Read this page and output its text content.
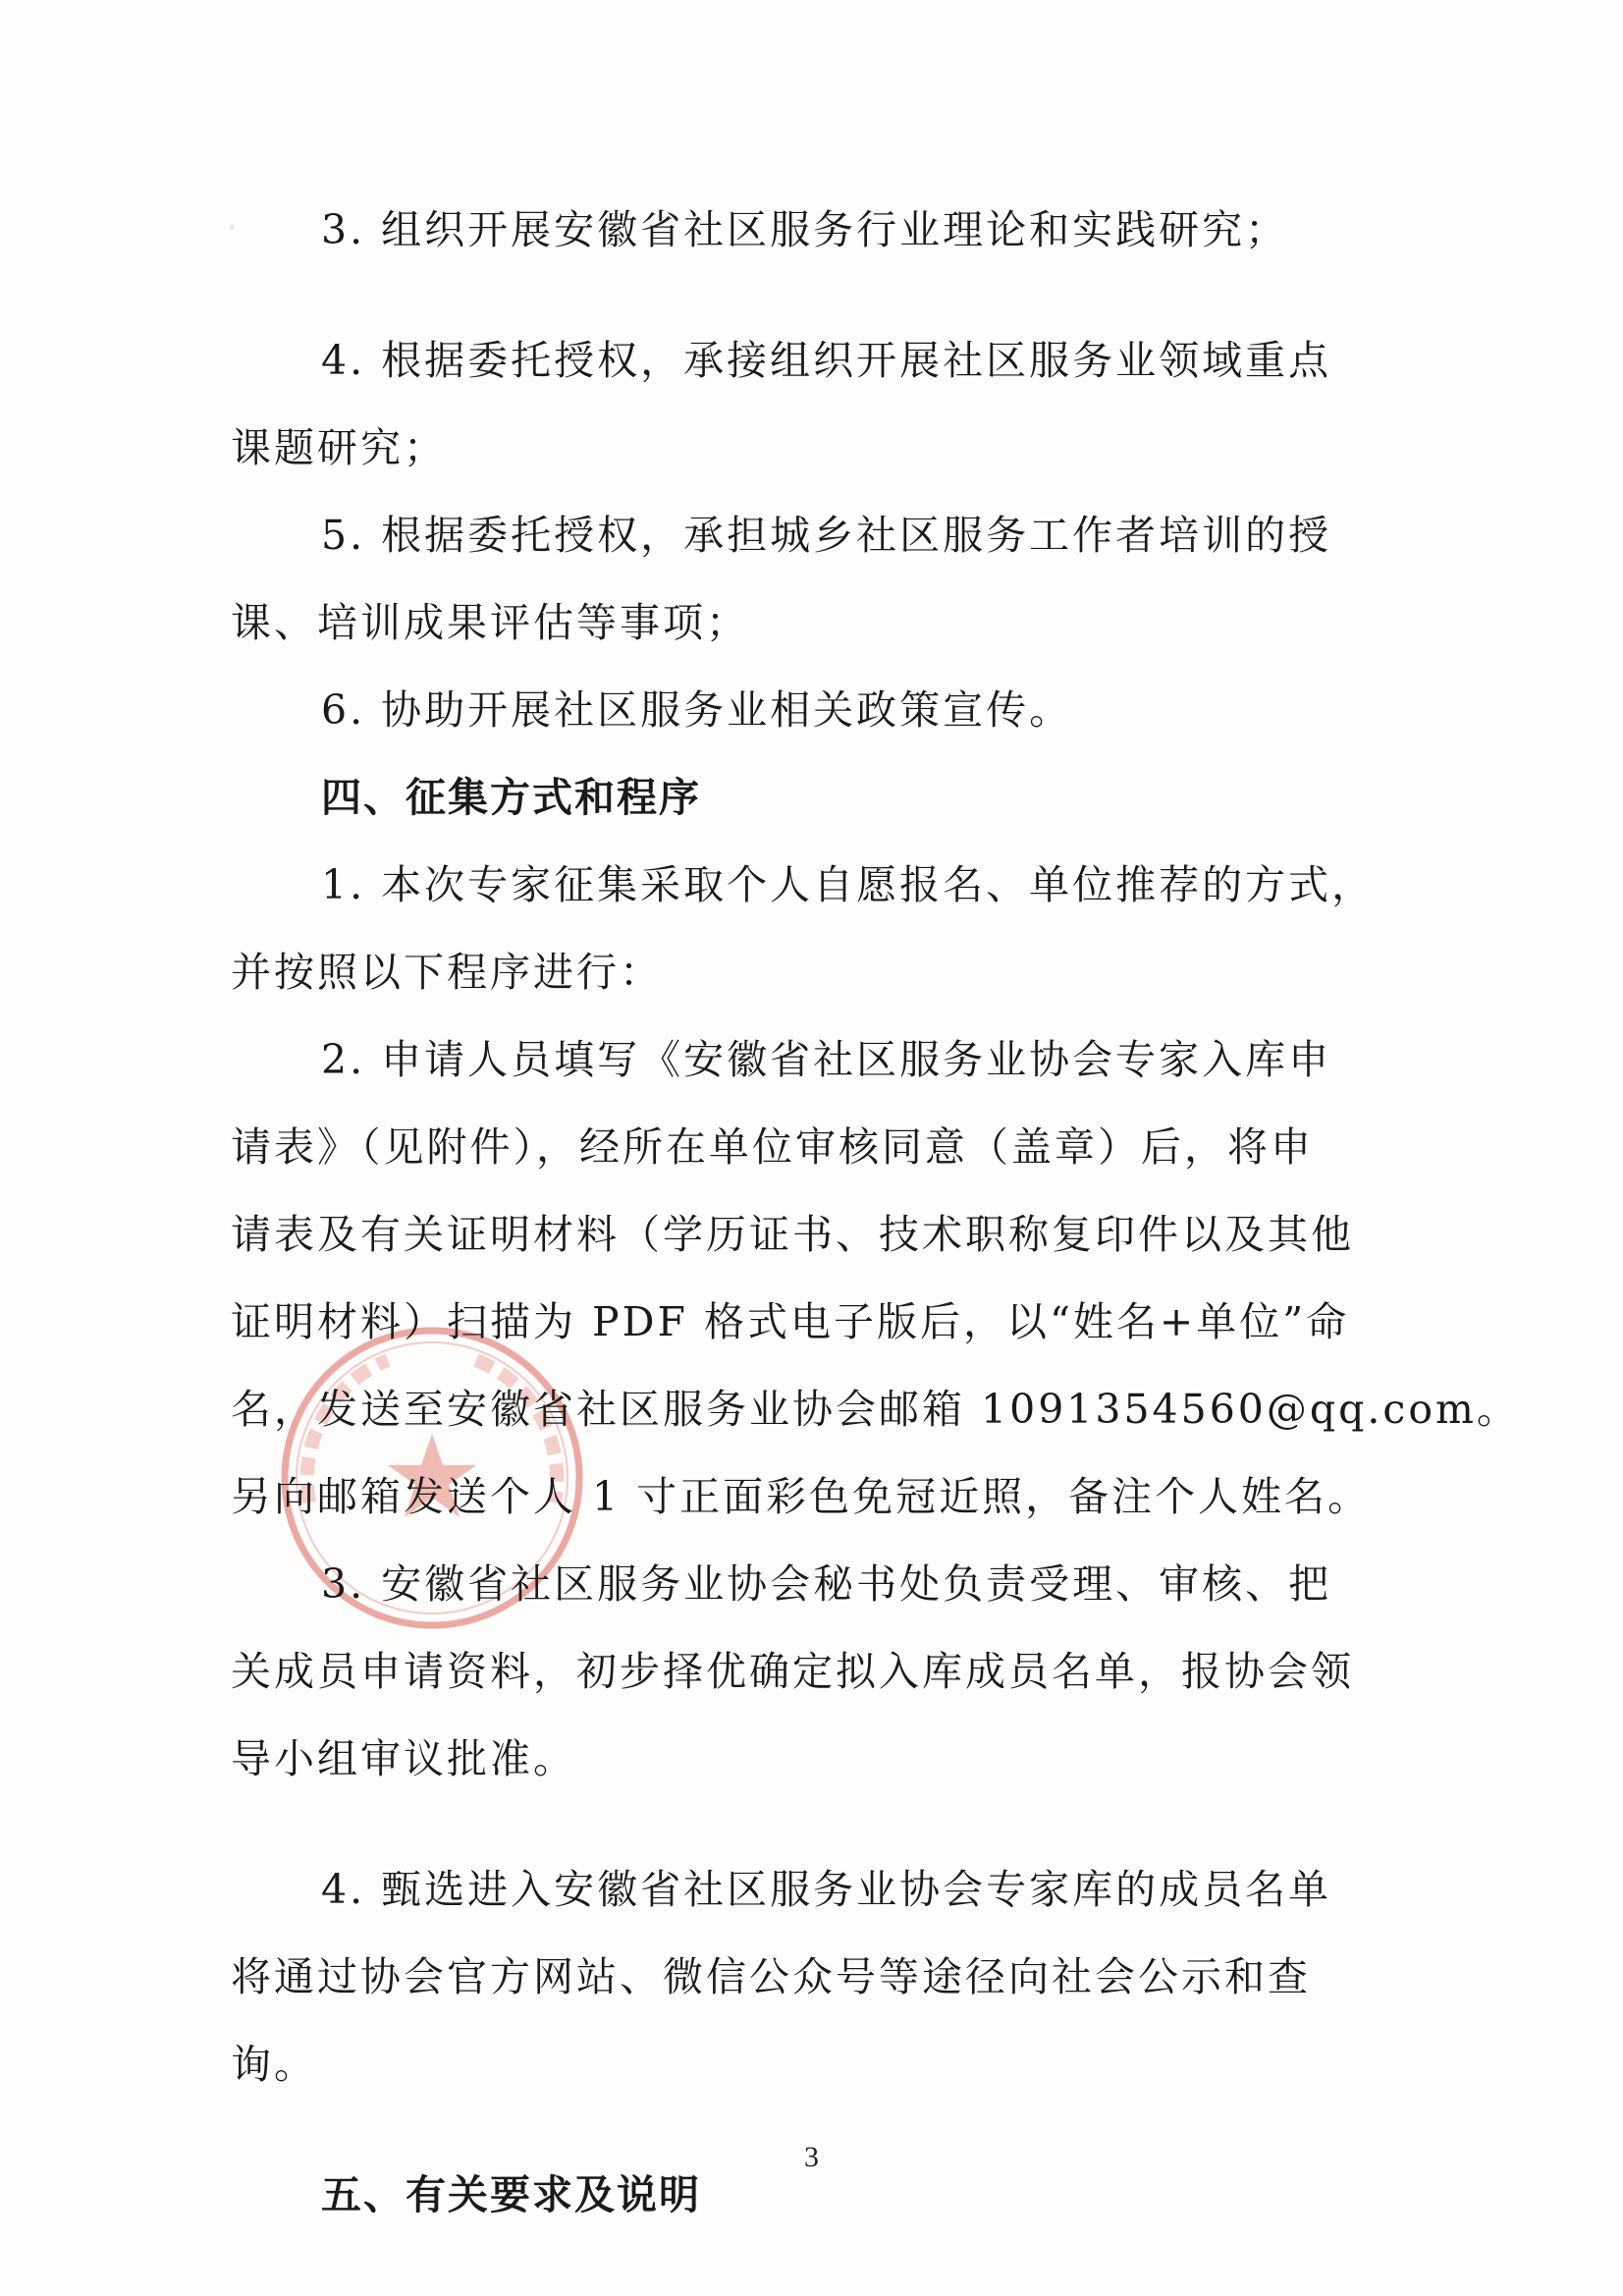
‧	3. 组织开展安徽省社区服务行业理论和实践研究；
4. 根据委托授权，承接组织开展社区服务业领域重点
课题研究；
5. 根据委托授权，承担城乡社区服务工作者培训的授
课、培训成果评估等事项；
6. 协助开展社区服务业相关政策宣传。
四、征集方式和程序
1. 本次专家征集采取个人自愿报名、单位推荐的方式，
并按照以下程序进行：
2. 申请人员填写《安徽省社区服务业协会专家入库申
请表》（见附件），经所在单位审核同意（盖章）后，将申
请表及有关证明材料（学历证书、技术职称复印件以及其他
证明材料）扫描为 PDF 格式电子版后，以“姓名+单位”命
名，发送至安徽省社区服务业协会邮箱 1091354560@qq.com。
另向邮箱发送个人 1 寸正面彩色免冠近照，备注个人姓名。
3. 安徽省社区服务业协会秘书处负责受理、审核、把
关成员申请资料，初步择优确定拟入库成员名单，报协会领
导小组审议批准。
4. 甄选进入安徽省社区服务业协会专家库的成员名单
将通过协会官方网站、微信公众号等途径向社会公示和查
询。
五、有关要求及说明
3
